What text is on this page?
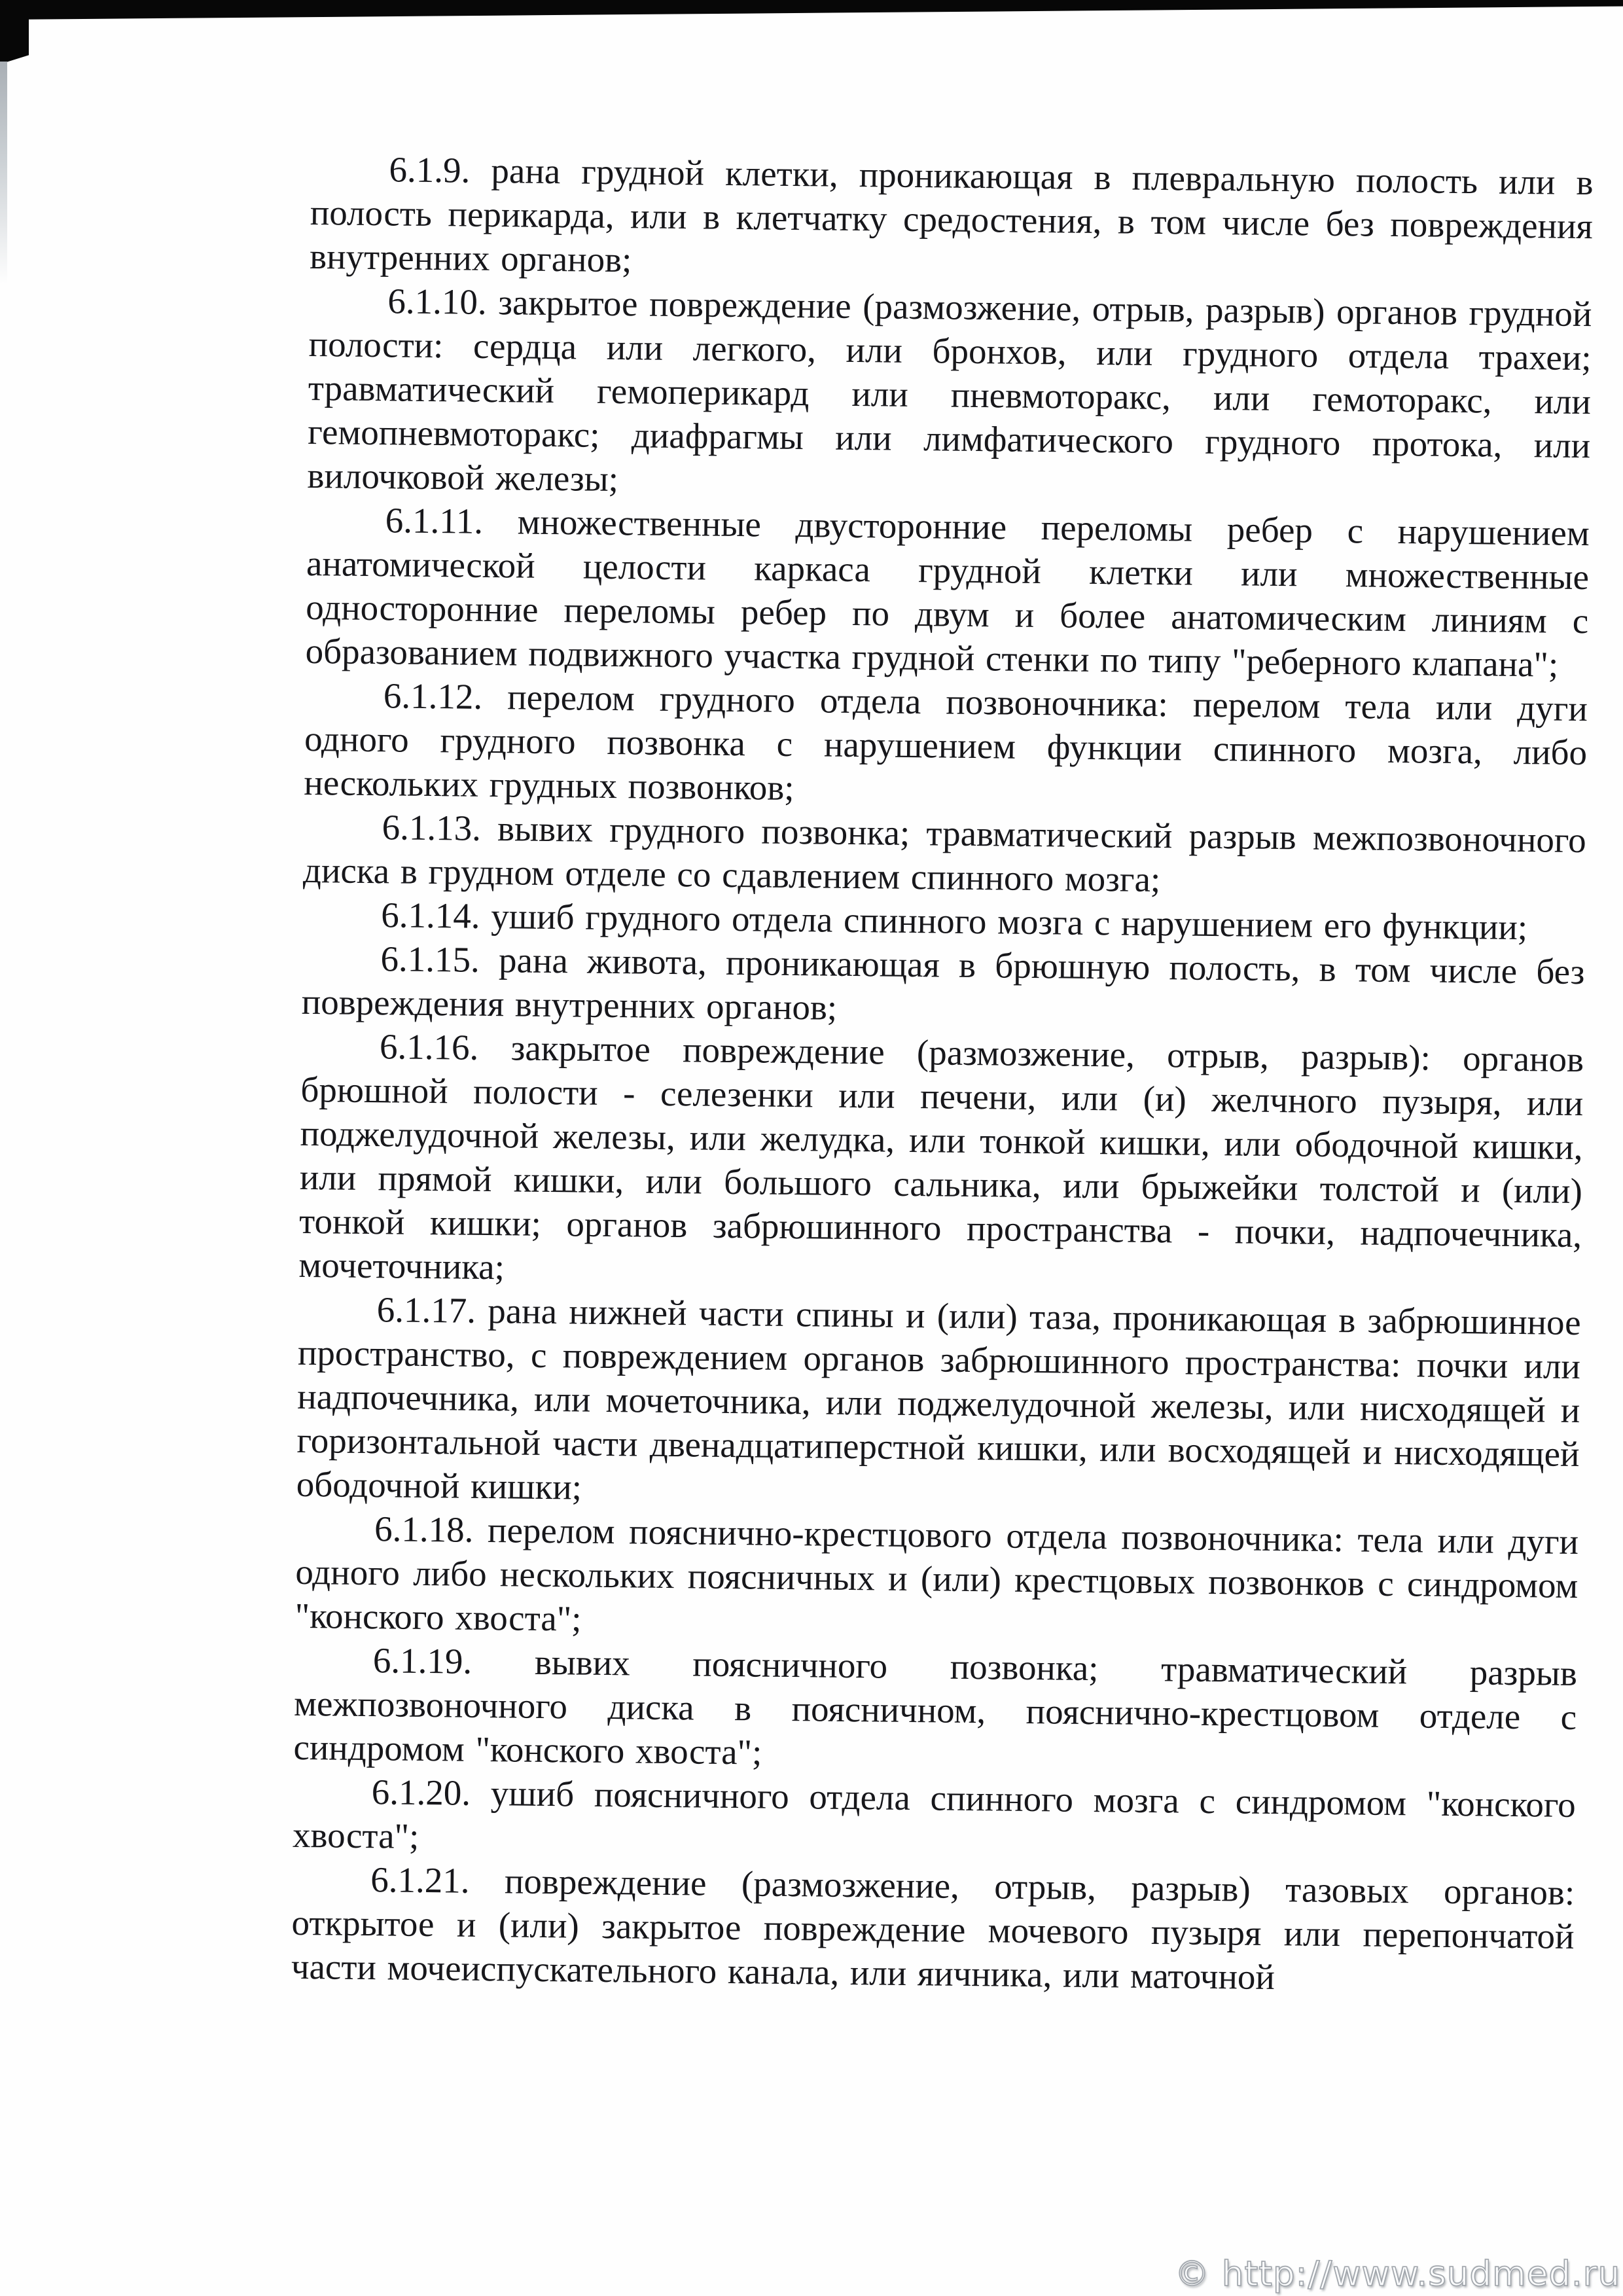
6.1.9. рана грудной клетки, проникающая в плевральную полость или в полость перикарда, или в клетчатку средостения, в том числе без повреждения внутренних органов;

6.1.10. закрытое повреждение (размозжение, отрыв, разрыв) органов грудной полости: сердца или легкого, или бронхов, или грудного отдела трахеи; травматический гемоперикард или пневмоторакс, или гемоторакс, или гемопневмоторакс; диафрагмы или лимфатического грудного протока, или вилочковой железы;

6.1.11. множественные двусторонние переломы ребер с нарушением анатомической целости каркаса грудной клетки или множественные односторонние переломы ребер по двум и более анатомическим линиям с образованием подвижного участка грудной стенки по типу "реберного клапана";

6.1.12. перелом грудного отдела позвоночника: перелом тела или дуги одного грудного позвонка с нарушением функции спинного мозга, либо нескольких грудных позвонков;

6.1.13. вывих грудного позвонка; травматический разрыв межпозвоночного диска в грудном отделе со сдавлением спинного мозга;

6.1.14. ушиб грудного отдела спинного мозга с нарушением его функции;

6.1.15. рана живота, проникающая в брюшную полость, в том числе без повреждения внутренних органов;

6.1.16. закрытое повреждение (размозжение, отрыв, разрыв): органов брюшной полости - селезенки или печени, или (и) желчного пузыря, или поджелудочной железы, или желудка, или тонкой кишки, или ободочной кишки, или прямой кишки, или большого сальника, или брыжейки толстой и (или) тонкой кишки; органов забрюшинного пространства - почки, надпочечника, мочеточника;

6.1.17. рана нижней части спины и (или) таза, проникающая в забрюшинное пространство, с повреждением органов забрюшинного пространства: почки или надпочечника, или мочеточника, или поджелудочной железы, или нисходящей и горизонтальной части двенадцатиперстной кишки, или восходящей и нисходящей ободочной кишки;

6.1.18. перелом пояснично-крестцового отдела позвоночника: тела или дуги одного либо нескольких поясничных и (или) крестцовых позвонков с синдромом "конского хвоста";

6.1.19. вывих поясничного позвонка; травматический разрыв межпозвоночного диска в поясничном, пояснично-крестцовом отделе с синдромом "конского хвоста";

6.1.20. ушиб поясничного отдела спинного мозга с синдромом "конского хвоста";

6.1.21. повреждение (размозжение, отрыв, разрыв) тазовых органов: открытое и (или) закрытое повреждение мочевого пузыря или перепончатой части мочеиспускательного канала, или яичника, или маточной

© http://www.sudmed.ru
